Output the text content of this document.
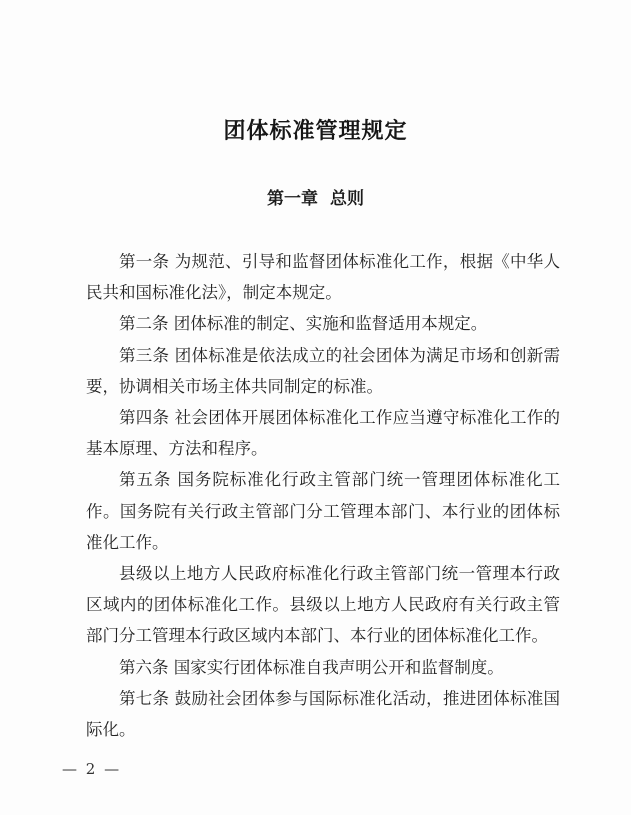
团体标准管理规定
第一章 总则

第一条 为规范、引导和监督团体标准化工作，根据《中华人民共和国标准化法》，制定本规定。

第二条 团体标准的制定、实施和监督适用本规定。

第三条 团体标准是依法成立的社会团体为满足市场和创新需要，协调相关市场主体共同制定的标准。

第四条 社会团体开展团体标准化工作应当遵守标准化工作的基本原理、方法和程序。

第五条 国务院标准化行政主管部门统一管理团体标准化工作。国务院有关行政主管部门分工管理本部门、本行业的团体标准化工作。

县级以上地方人民政府标准化行政主管部门统一管理本行政区域内的团体标准化工作。县级以上地方人民政府有关行政主管部门分工管理本行政区域内本部门、本行业的团体标准化工作。

第六条 国家实行团体标准自我声明公开和监督制度。

第七条 鼓励社会团体参与国际标准化活动，推进团体标准国际化。

— 2 —
